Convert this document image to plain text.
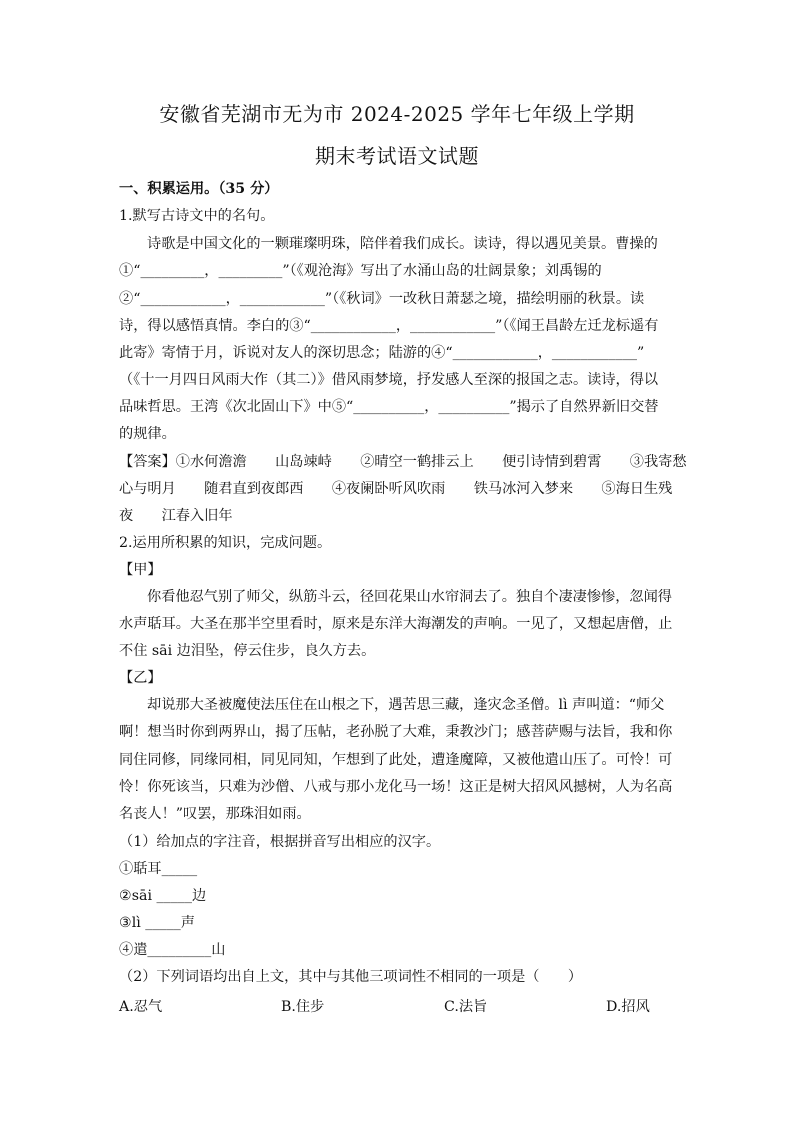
安徽省芜湖市无为市 2024-2025 学年七年级上学期
期末考试语文试题
一、积累运用。（35 分）
1.默写古诗文中的名句。
诗歌是中国文化的一颗璀璨明珠，陪伴着我们成长。读诗，得以遇见美景。曹操的
①“_________，_________”（《观沧海》写出了水涌山岛的壮阔景象；刘禹锡的
②“____________，____________”（《秋词》一改秋日萧瑟之境，描绘明丽的秋景。读
诗，得以感悟真情。李白的③“____________，____________”（《闻王昌龄左迁龙标遥有
此寄》寄情于月，诉说对友人的深切思念；陆游的④“____________，____________”
（《十一月四日风雨大作（其二）》借风雨梦境，抒发感人至深的报国之志。读诗，得以
品味哲思。王湾《次北固山下》中⑤“__________，__________”揭示了自然界新旧交替
的规律。
【答案】①水何澹澹　　山岛竦峙　　②晴空一鹤排云上　　便引诗情到碧霄　　③我寄愁
心与明月　　随君直到夜郎西　　④夜阑卧听风吹雨　　铁马冰河入梦来　　⑤海日生残
夜　　江春入旧年
2.运用所积累的知识，完成问题。
【甲】
你看他忍气别了师父，纵筋斗云，径回花果山水帘洞去了。独自个凄凄惨惨，忽闻得
水声聒耳。大圣在那半空里看时，原来是东洋大海潮发的声响。一见了，又想起唐僧，止
不住 sāi 边泪坠，停云住步，良久方去。
【乙】
却说那大圣被魔使法压住在山根之下，遇苦思三藏，逢灾念圣僧。lì 声叫道：“师父
啊！想当时你到两界山，揭了压帖，老孙脱了大难，秉教沙门；感菩萨赐与法旨，我和你
同住同修，同缘同相，同见同知，乍想到了此处，遭逢魔障，又被他遣山压了。可怜！可
怜！你死该当，只难为沙僧、八戒与那小龙化马一场！这正是树大招风风撼树，人为名高
名丧人！”叹罢，那珠泪如雨。
（1）给加点的字注音，根据拼音写出相应的汉字。
①聒耳_____
②sāi _____边
③lì _____声
④遣_________山
（2）下列词语均出自上文，其中与其他三项词性不相同的一项是（　　）
A.忍气	B.住步	C.法旨	D.招风
